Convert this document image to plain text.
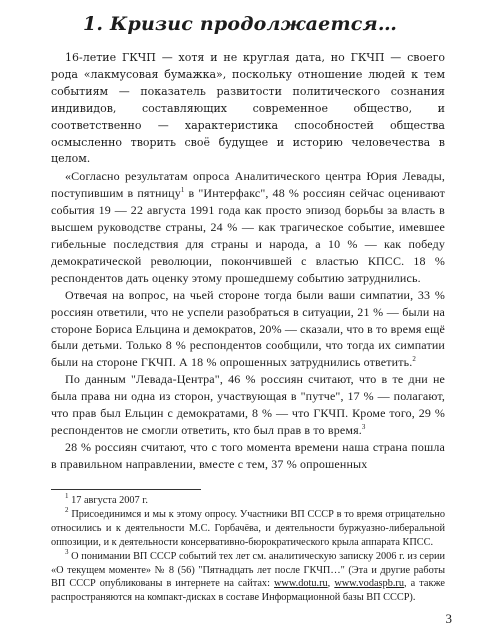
1. Кризис продолжается…

16-летие ГКЧП — хотя и не круглая дата, но ГКЧП — своего рода «лакмусовая бумажка», поскольку отношение людей к тем событиям — показатель развитости политического сознания индивидов, составляющих современное общество, и соответственно — характеристика способностей общества осмысленно творить своё будущее и историю человечества в целом.

«Согласно результатам опроса Аналитического центра Юрия Левады, поступившим в пятницу$^1$ в "Интерфакс", 48 % россиян сейчас оценивают события 19 — 22 августа 1991 года как просто эпизод борьбы за власть в высшем руководстве страны, 24 % — как трагическое событие, имевшее гибельные последствия для страны и народа, а 10 % — как победу демократической революции, покончившей с властью КПСС. 18 % респондентов дать оценку этому прошедшему событию затруднились.

Отвечая на вопрос, на чьей стороне тогда были ваши симпатии, 33 % россиян ответили, что не успели разобраться в ситуации, 21 % — были на стороне Бориса Ельцина и демократов, 20% — сказали, что в то время ещё были детьми. Только 8 % респондентов сообщили, что тогда их симпатии были на стороне ГКЧП. А 18 % опрошенных затруднились ответить.$^2$

По данным "Левада-Центра", 46 % россиян считают, что в те дни не была права ни одна из сторон, участвующая в "путче", 17 % — полагают, что прав был Ельцин с демократами, 8 % — что ГКЧП. Кроме того, 29 % респондентов не смогли ответить, кто был прав в то время.$^3$

28 % россиян считают, что с того момента времени наша страна пошла в правильном направлении, вместе с тем, 37 % опрошенных

$^1$ 17 августа 2007 г.

$^2$ Присоединимся и мы к этому опросу. Участники ВП СССР в то время отрицательно относились и к деятельности М.С. Горбачёва, и деятельности буржуазно-либеральной оппозиции, и к деятельности консервативно-бюрократического крыла аппарата КПСС.

$^3$ О понимании ВП СССР событий тех лет см. аналитическую записку 2006 г. из серии «О текущем моменте» № 8 (56) "Пятнадцать лет после ГКЧП…" (Эта и другие работы ВП СССР опубликованы в интернете на сайтах: www.dotu.ru, www.vodaspb.ru, а также распространяются на компакт-дисках в составе Информационной базы ВП СССР).

3
